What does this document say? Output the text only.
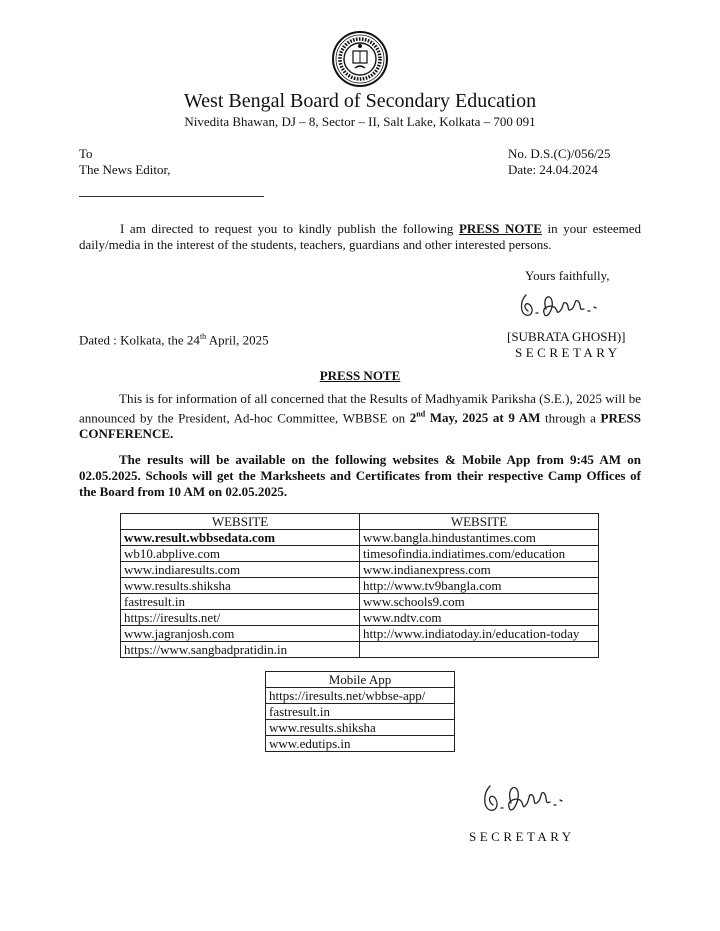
West Bengal Board of Secondary Education
Nivedita Bhawan, DJ – 8, Sector – II, Salt Lake, Kolkata – 700 091
To
The News Editor,
No. D.S.(C)/056/25
Date: 24.04.2024
I am directed to request you to kindly publish the following PRESS NOTE in your esteemed daily/media in the interest of the students, teachers, guardians and other interested persons.
Yours faithfully,
Dated : Kolkata, the 24th April, 2025	[SUBRATA GHOSH)]
SECRETARY
PRESS NOTE
This is for information of all concerned that the Results of Madhyamik Pariksha (S.E.), 2025 will be announced by the President, Ad-hoc Committee, WBBSE on 2nd May, 2025 at 9 AM through a PRESS CONFERENCE.
The results will be available on the following websites & Mobile App from 9:45 AM on 02.05.2025. Schools will get the Marksheets and Certificates from their respective Camp Offices of the Board from 10 AM on 02.05.2025.
WEBSITE	WEBSITE
www.result.wbbsedata.com	www.bangla.hindustantimes.com
wb10.abplive.com	timesofindia.indiatimes.com/education
www.indiaresults.com	www.indianexpress.com
www.results.shiksha	http://www.tv9bangla.com
fastresult.in	www.schools9.com
https://iresults.net/	www.ndtv.com
www.jagranjosh.com	http://www.indiatoday.in/education-today
https://www.sangbadpratidin.in	
Mobile App
https://iresults.net/wbbse-app/
fastresult.in
www.results.shiksha
www.edutips.in
SECRETARY
